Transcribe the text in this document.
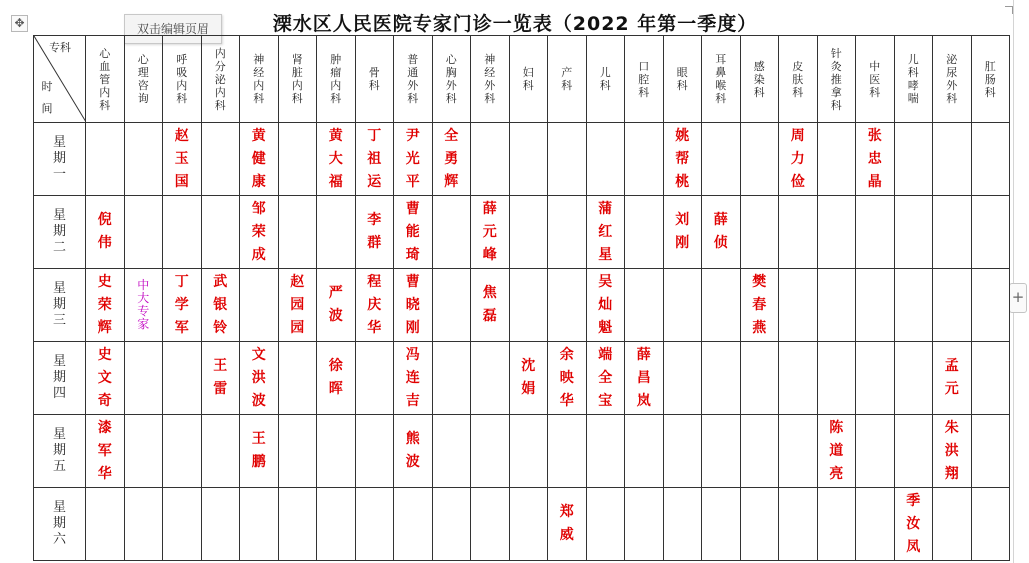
✥	双击编辑页眉	溧水区人民医院专家门诊一览表（2022 年第一季度）
+
专科
时间	心
血
管
内
科	心
理
咨
询	呼
吸
内
科	内
分
泌
内
科	神
经
内
科	肾
脏
内
科	肿
瘤
内
科	骨
科	普
通
外
科	心
胸
外
科	神
经
外
科	妇
科	产
科	儿
科	口
腔
科	眼
科	耳
鼻
喉
科	感
染
科	皮
肤
科	针
灸
推
拿
科	中
医
科	儿
科
哮
喘	泌
尿
外
科	肛
肠
科

星
期
一			赵
玉
国		黄
健
康		黄
大
福	丁
祖
运	尹
光
平	全
勇
辉						姚
帮
桃			周
力
俭		张
忠
晶			

星
期
二	倪
伟				邹
荣
成			李
群	曹
能
琦		薛
元
峰			蒲
红
星		刘
刚	薛
侦							

星
期
三	史
荣
辉	中
大
专
家	丁
学
军	武
银
铃		赵
园
园	严
波	程
庆
华	曹
晓
刚		焦
磊			吴
灿
魁				樊
春
燕						

星
期
四	史
文
奇			王
雷	文
洪
波		徐
晖		冯
连
吉			沈
娟	余
映
华	端
全
宝	薛
昌
岚								孟
元	

星
期
五	漆
军
华				王
鹏				熊
波											陈
道
亮			朱
洪
翔	

星
期
六													郑
威									季
汝
凤		
